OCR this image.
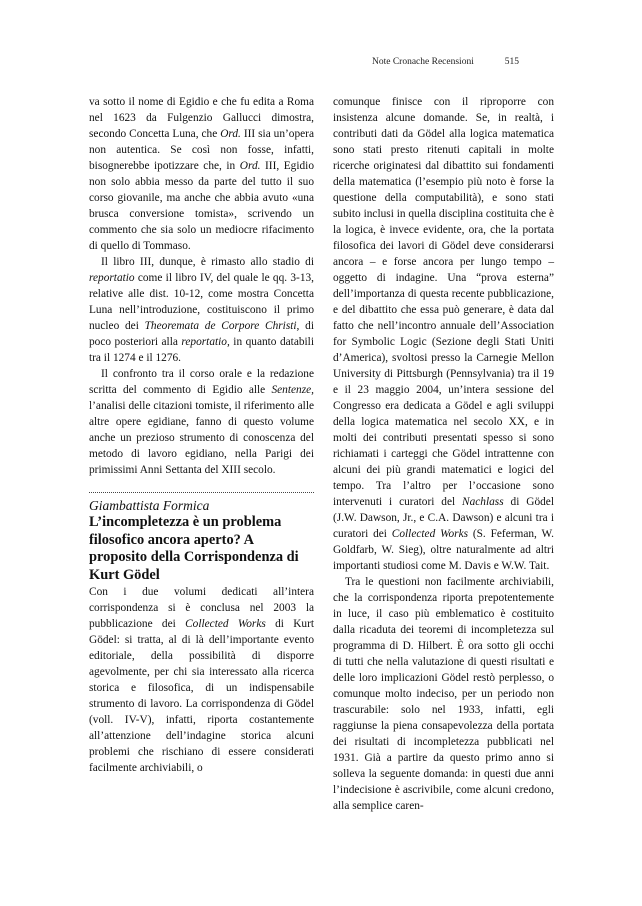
Note Cronache Recensioni	515

va sotto il nome di Egidio e che fu edita a Roma nel 1623 da Fulgenzio Gallucci dimostra, secondo Concetta Luna, che Ord. III sia un’opera non autentica. Se così non fosse, infatti, bisognerebbe ipotizzare che, in Ord. III, Egidio non solo abbia messo da parte del tutto il suo corso giovanile, ma anche che abbia avuto «una brusca conversione tomista», scrivendo un commento che sia solo un mediocre rifacimento di quello di Tommaso.

Il libro III, dunque, è rimasto allo stadio di reportatio come il libro IV, del quale le qq. 3-13, relative alle dist. 10-12, come mostra Concetta Luna nell’introduzione, costituiscono il primo nucleo dei Theoremata de Corpore Christi, di poco posteriori alla reportatio, in quanto databili tra il 1274 e il 1276.

Il confronto tra il corso orale e la redazione scritta del commento di Egidio alle Sentenze, l’analisi delle citazioni tomiste, il riferimento alle altre opere egidiane, fanno di questo volume anche un prezioso strumento di conoscenza del metodo di lavoro egidiano, nella Parigi dei primissimi Anni Settanta del XIII secolo.

Giambattista Formica

L’incompletezza è un problema filosofico ancora aperto? A proposito della Corrispondenza di Kurt Gödel

Con i due volumi dedicati all’intera corrispondenza si è conclusa nel 2003 la pubblicazione dei Collected Works di Kurt Gödel: si tratta, al di là dell’importante evento editoriale, della possibilità di disporre agevolmente, per chi sia interessato alla ricerca storica e filosofica, di un indispensabile strumento di lavoro. La corrispondenza di Gödel (voll. IV-V), infatti, riporta costantemente all’attenzione dell’indagine storica alcuni problemi che rischiano di essere considerati facilmente archiviabili, o

comunque finisce con il riproporre con insistenza alcune domande. Se, in realtà, i contributi dati da Gödel alla logica matematica sono stati presto ritenuti capitali in molte ricerche originatesi dal dibattito sui fondamenti della matematica (l’esempio più noto è forse la questione della computabilità), e sono stati subito inclusi in quella disciplina costituita che è la logica, è invece evidente, ora, che la portata filosofica dei lavori di Gödel deve considerarsi ancora – e forse ancora per lungo tempo – oggetto di indagine. Una “prova esterna” dell’importanza di questa recente pubblicazione, e del dibattito che essa può generare, è data dal fatto che nell’incontro annuale dell’Association for Symbolic Logic (Sezione degli Stati Uniti d’America), svoltosi presso la Carnegie Mellon University di Pittsburgh (Pennsylvania) tra il 19 e il 23 maggio 2004, un’intera sessione del Congresso era dedicata a Gödel e agli sviluppi della logica matematica nel secolo XX, e in molti dei contributi presentati spesso si sono richiamati i carteggi che Gödel intrattenne con alcuni dei più grandi matematici e logici del tempo. Tra l’altro per l’occasione sono intervenuti i curatori del Nachlass di Gödel (J.W. Dawson, Jr., e C.A. Dawson) e alcuni tra i curatori dei Collected Works (S. Feferman, W. Goldfarb, W. Sieg), oltre naturalmente ad altri importanti studiosi come M. Davis e W.W. Tait.

Tra le questioni non facilmente archiviabili, che la corrispondenza riporta prepotentemente in luce, il caso più emblematico è costituito dalla ricaduta dei teoremi di incompletezza sul programma di D. Hilbert. È ora sotto gli occhi di tutti che nella valutazione di questi risultati e delle loro implicazioni Gödel restò perplesso, o comunque molto indeciso, per un periodo non trascurabile: solo nel 1933, infatti, egli raggiunse la piena consapevolezza della portata dei risultati di incompletezza pubblicati nel 1931. Già a partire da questo primo anno si solleva la seguente domanda: in questi due anni l’indecisione è ascrivibile, come alcuni credono, alla semplice caren-
